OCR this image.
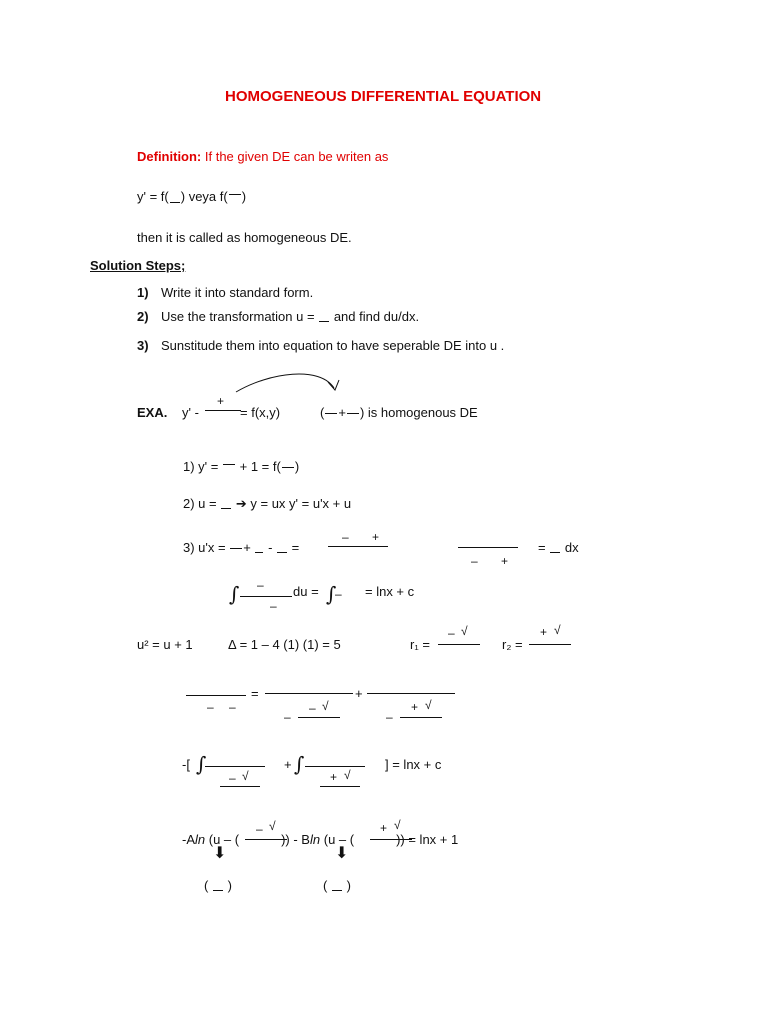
HOMOGENEOUS DIFFERENTIAL EQUATION
Definition: If the given DE can be writen as
y' = f( ) veya f( )
then it is called as homogeneous DE.
Solution Steps;
1) Write it into standard form.
2) Use the transformation u = and find du/dx.
3) Sunstitude them into equation to have seperable DE into u .
EXA. y' -
+
= f(x,y)	( + ) is homogenous DE
1) y' = + 1 = f( )
2) u = ➔ y = ux y' = u'x + u
3) u'x = + - =
– +
– +
= dx
∫ –
–
du = ∫
– = lnx + c
u² = u + 1	Δ = 1 – 4 (1) (1) = 5	r₁ =
– √
r₂ =
+ √
– –
=
–
– √
+
–
+ √
-[ ∫
– √
+ ∫
+ √
] = lnx + c
-Aln (u – (	)) - Bln (u – (	)) = lnx + 1
– √	+ √
⬇	⬇
( )	( )
